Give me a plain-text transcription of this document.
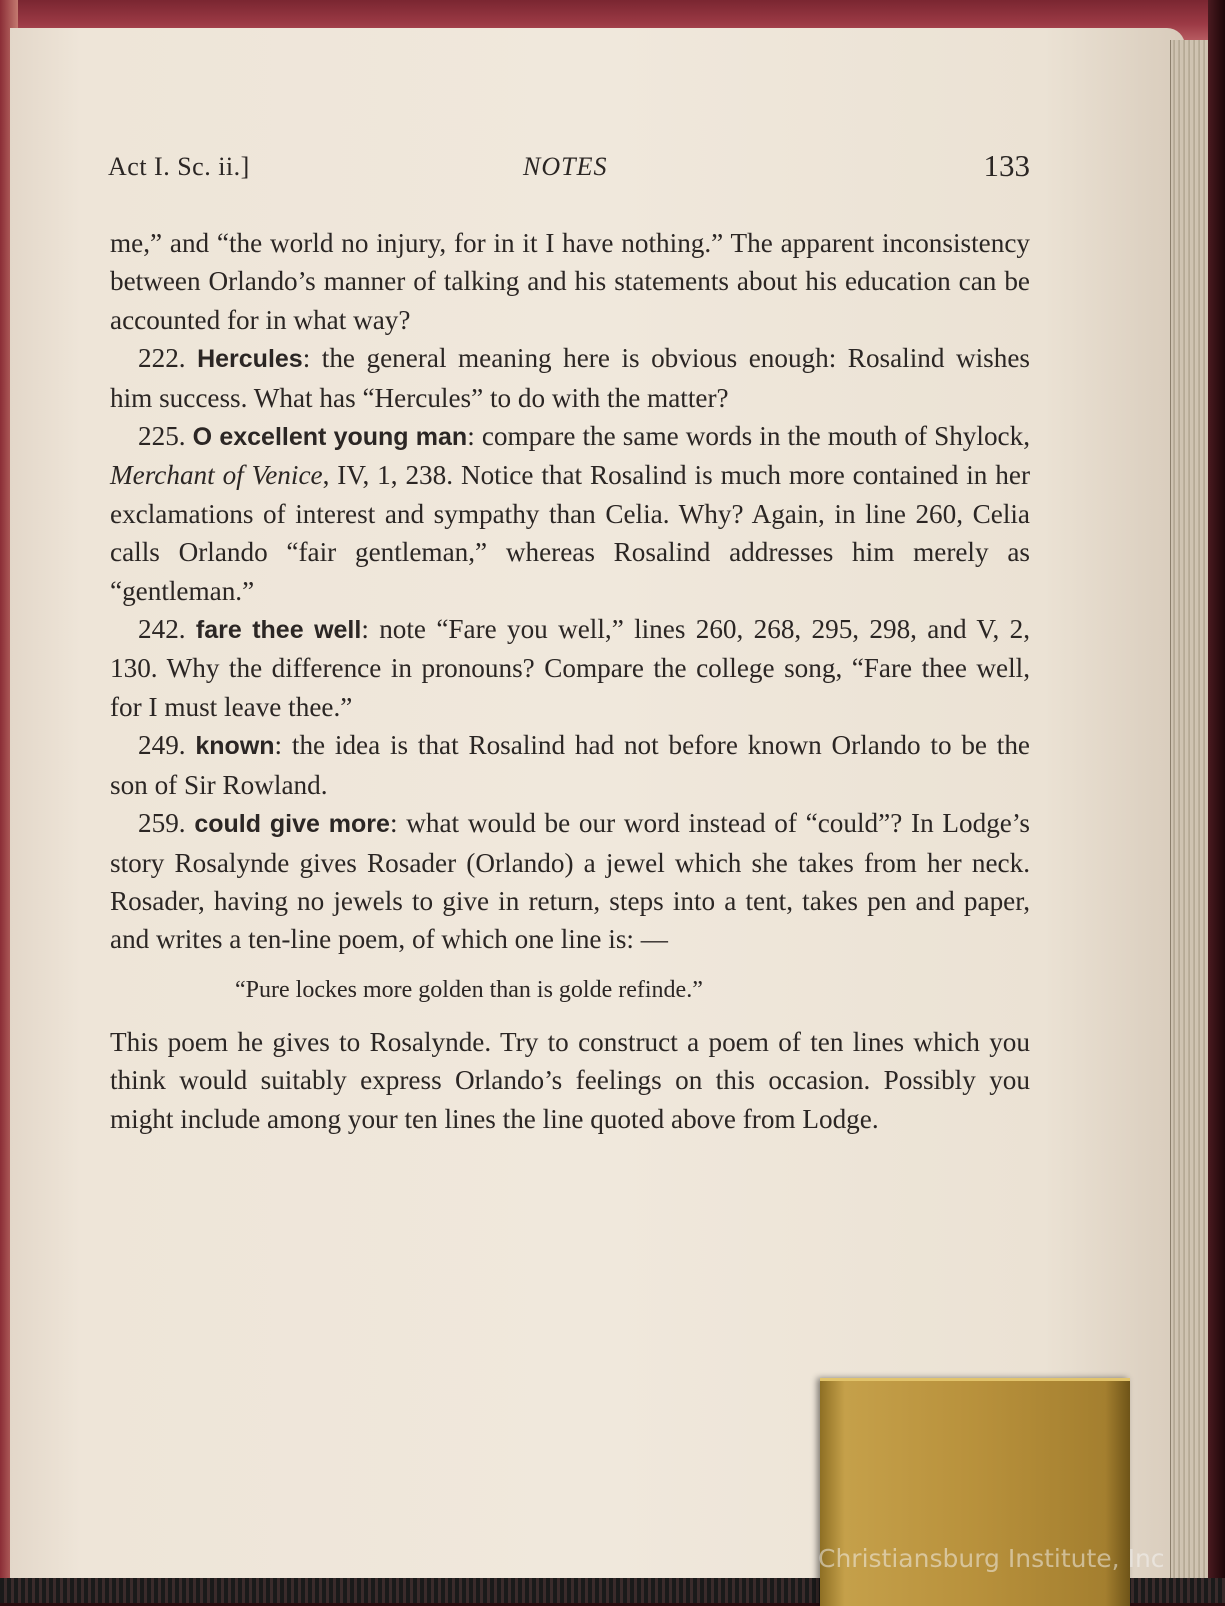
Act I. Sc. ii.]	NOTES	133

me,” and “the world no injury, for in it I have nothing.” The apparent inconsistency between Orlando’s manner of talking and his statements about his education can be accounted for in what way?

222. Hercules: the general meaning here is obvious enough: Rosalind wishes him success. What has “Hercules” to do with the matter?

225. O excellent young man: compare the same words in the mouth of Shylock, Merchant of Venice, IV, 1, 238. Notice that Rosalind is much more contained in her exclamations of interest and sympathy than Celia. Why? Again, in line 260, Celia calls Orlando “fair gentleman,” whereas Rosalind addresses him merely as “gentleman.”

242. fare thee well: note “Fare you well,” lines 260, 268, 295, 298, and V, 2, 130. Why the difference in pronouns? Compare the college song, “Fare thee well, for I must leave thee.”

249. known: the idea is that Rosalind had not before known Orlando to be the son of Sir Rowland.

259. could give more: what would be our word instead of “could”? In Lodge’s story Rosalynde gives Rosader (Orlando) a jewel which she takes from her neck. Rosader, having no jewels to give in return, steps into a tent, takes pen and paper, and writes a ten-line poem, of which one line is: —

“Pure lockes more golden than is golde refinde.”

This poem he gives to Rosalynde. Try to construct a poem of ten lines which you think would suitably express Orlando’s feelings on this occasion. Possibly you might include among your ten lines the line quoted above from Lodge.

Christiansburg Institute, Inc
